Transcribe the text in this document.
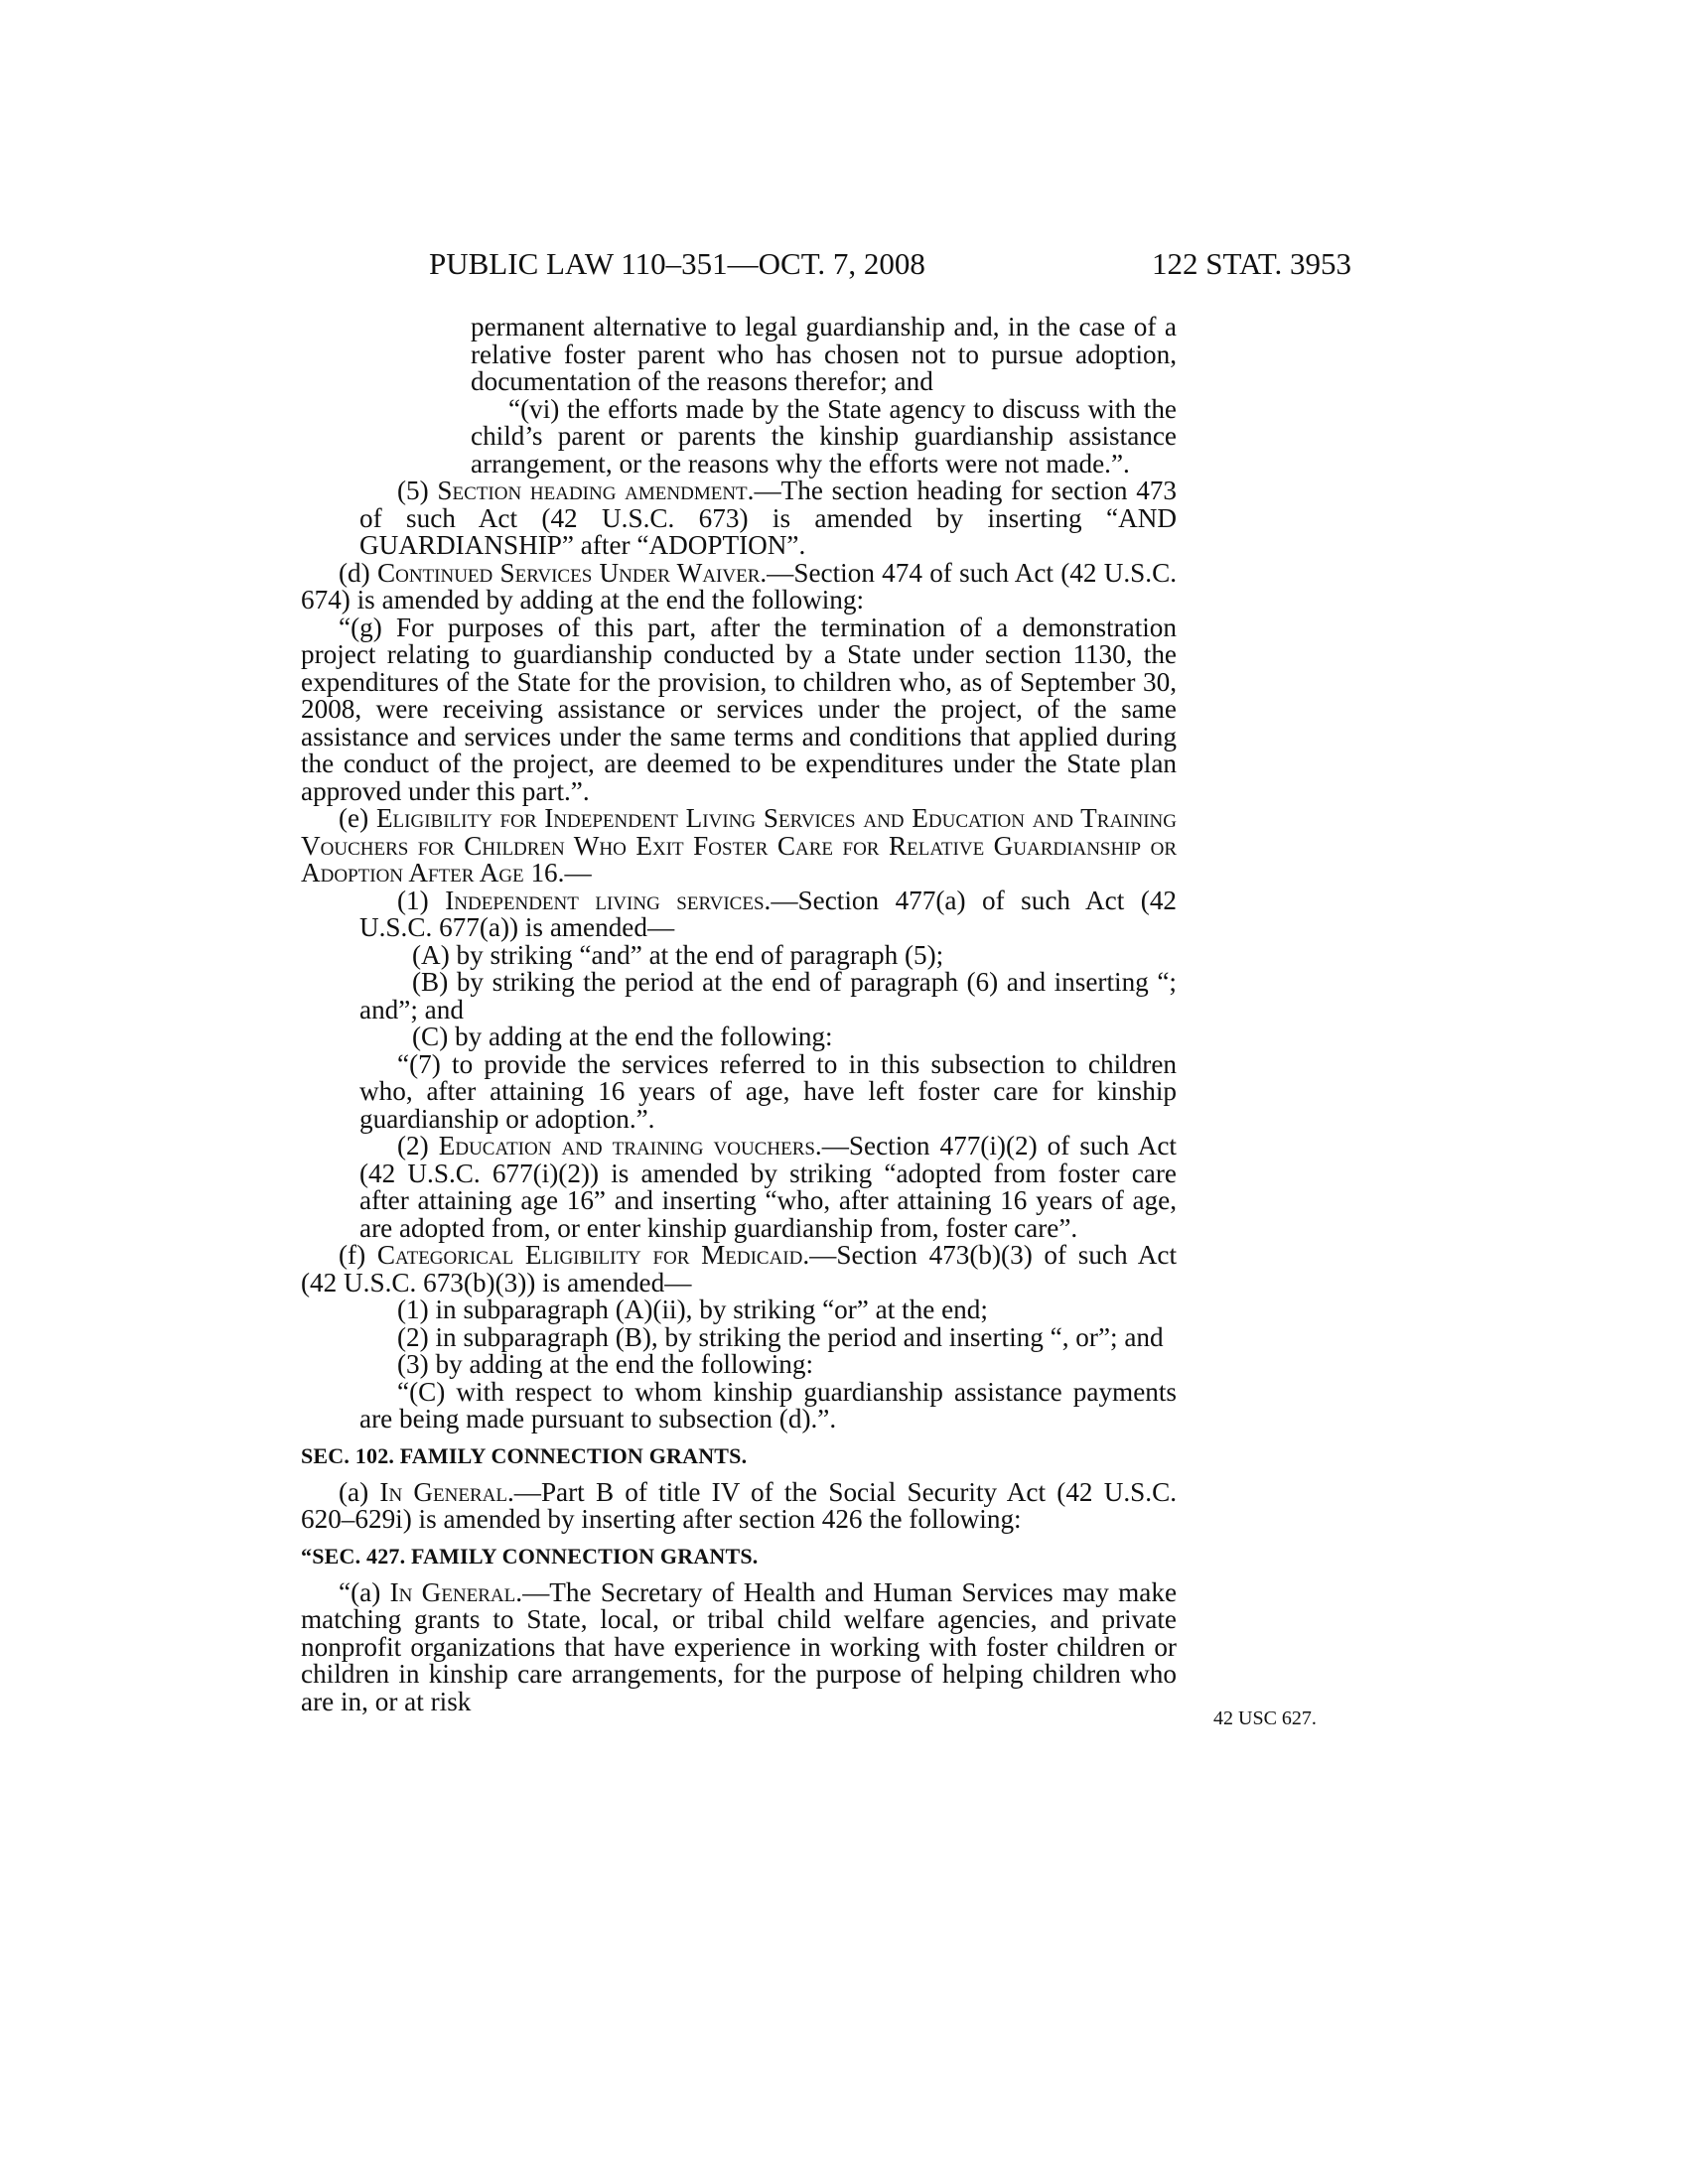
PUBLIC LAW 110–351—OCT. 7, 2008	122 STAT. 3953

permanent alternative to legal guardianship and, in the case of a relative foster parent who has chosen not to pursue adoption, documentation of the reasons therefor; and

“(vi) the efforts made by the State agency to discuss with the child’s parent or parents the kinship guardianship assistance arrangement, or the reasons why the efforts were not made.”.

(5) Section heading amendment.—The section heading for section 473 of such Act (42 U.S.C. 673) is amended by inserting “AND GUARDIANSHIP” after “ADOPTION”.

(d) Continued Services Under Waiver.—Section 474 of such Act (42 U.S.C. 674) is amended by adding at the end the following:

“(g) For purposes of this part, after the termination of a demonstration project relating to guardianship conducted by a State under section 1130, the expenditures of the State for the provision, to children who, as of September 30, 2008, were receiving assistance or services under the project, of the same assistance and services under the same terms and conditions that applied during the conduct of the project, are deemed to be expenditures under the State plan approved under this part.”.

(e) Eligibility for Independent Living Services and Education and Training Vouchers for Children Who Exit Foster Care for Relative Guardianship or Adoption After Age 16.—

(1) Independent living services.—Section 477(a) of such Act (42 U.S.C. 677(a)) is amended—

(A) by striking “and” at the end of paragraph (5);

(B) by striking the period at the end of paragraph (6) and inserting “; and”; and

(C) by adding at the end the following:

“(7) to provide the services referred to in this subsection to children who, after attaining 16 years of age, have left foster care for kinship guardianship or adoption.”.

(2) Education and training vouchers.—Section 477(i)(2) of such Act (42 U.S.C. 677(i)(2)) is amended by striking “adopted from foster care after attaining age 16” and inserting “who, after attaining 16 years of age, are adopted from, or enter kinship guardianship from, foster care”.

(f) Categorical Eligibility for Medicaid.—Section 473(b)(3) of such Act (42 U.S.C. 673(b)(3)) is amended—

(1) in subparagraph (A)(ii), by striking “or” at the end;

(2) in subparagraph (B), by striking the period and inserting “, or”; and

(3) by adding at the end the following:

“(C) with respect to whom kinship guardianship assistance payments are being made pursuant to subsection (d).”.

SEC. 102. FAMILY CONNECTION GRANTS.

(a) In General.—Part B of title IV of the Social Security Act (42 U.S.C. 620–629i) is amended by inserting after section 426 the following:

“SEC. 427. FAMILY CONNECTION GRANTS.

“(a) In General.—The Secretary of Health and Human Services may make matching grants to State, local, or tribal child welfare agencies, and private nonprofit organizations that have experience in working with foster children or children in kinship care arrangements, for the purpose of helping children who are in, or at risk

42 USC 627.
